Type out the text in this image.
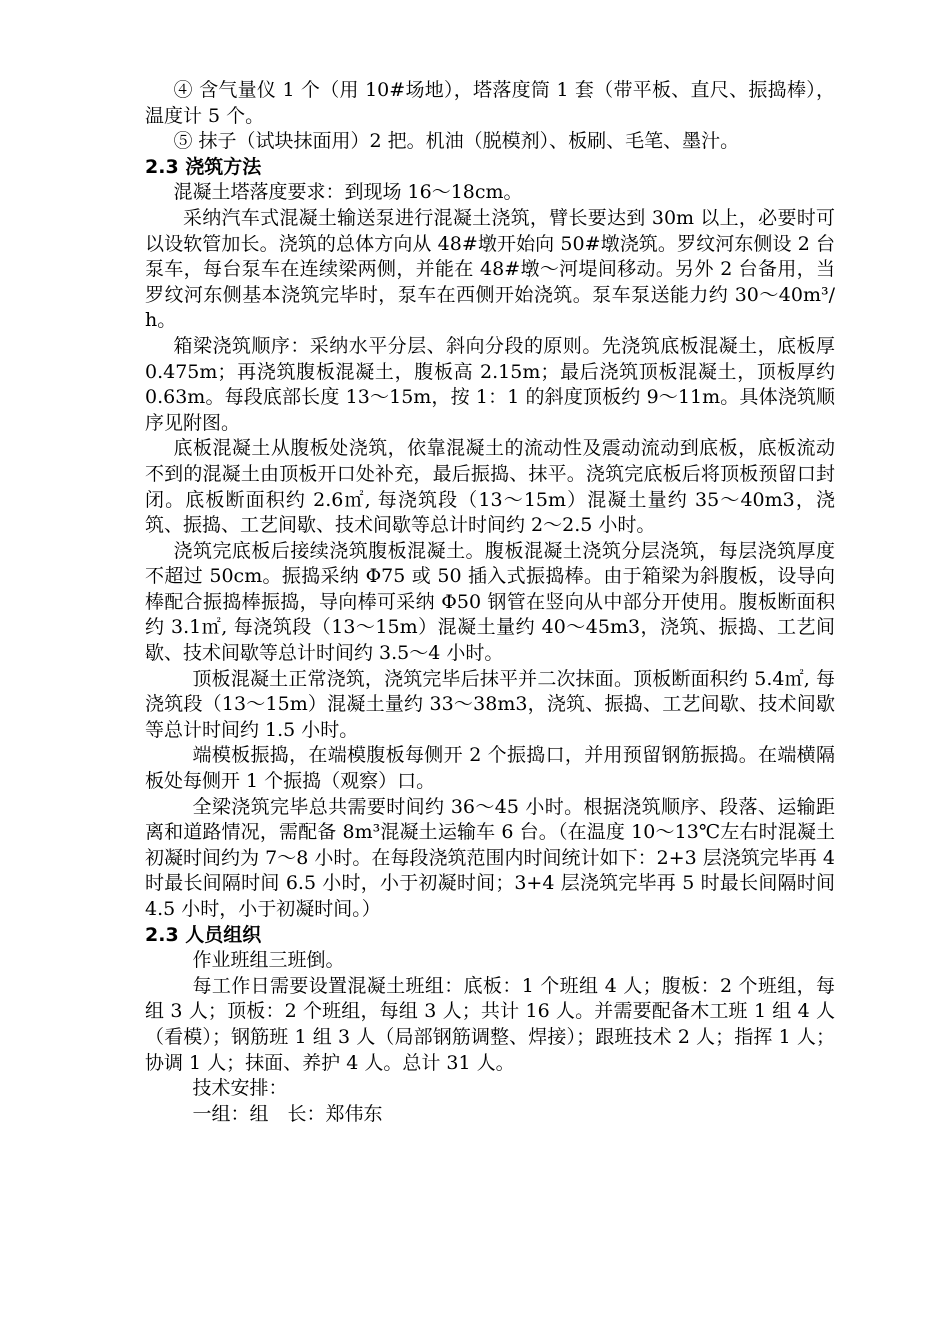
④ 含气量仪 1 个（用 10#场地），塔落度筒 1 套（带平板、直尺、振捣棒），温度计 5 个。

⑤ 抹子（试块抹面用）2 把。机油（脱模剂）、板刷、毛笔、墨汁。

2.3 浇筑方法

混凝土塔落度要求：到现场 16～18cm。

采纳汽车式混凝土输送泵进行混凝土浇筑，臂长要达到 30m 以上，必要时可以设软管加长。浇筑的总体方向从 48#墩开始向 50#墩浇筑。罗纹河东侧设 2 台泵车，每台泵车在连续梁两侧，并能在 48#墩～河堤间移动。另外 2 台备用，当罗纹河东侧基本浇筑完毕时，泵车在西侧开始浇筑。泵车泵送能力约 30～40m³/h。

箱梁浇筑顺序：采纳水平分层、斜向分段的原则。先浇筑底板混凝土，底板厚 0.475m；再浇筑腹板混凝土，腹板高 2.15m；最后浇筑顶板混凝土，顶板厚约 0.63m。每段底部长度 13～15m，按 1：1 的斜度顶板约 9～11m。具体浇筑顺序见附图。

底板混凝土从腹板处浇筑，依靠混凝土的流动性及震动流动到底板，底板流动不到的混凝土由顶板开口处补充，最后振捣、抹平。浇筑完底板后将顶板预留口封闭。底板断面积约 2.6㎡, 每浇筑段（13～15m）混凝土量约 35～40m3，浇筑、振捣、工艺间歇、技术间歇等总计时间约 2～2.5 小时。

浇筑完底板后接续浇筑腹板混凝土。腹板混凝土浇筑分层浇筑，每层浇筑厚度不超过 50cm。振捣采纳 Φ75 或 50 插入式振捣棒。由于箱梁为斜腹板，设导向棒配合振捣棒振捣，导向棒可采纳 Φ50 钢管在竖向从中部分开使用。腹板断面积约 3.1㎡, 每浇筑段（13～15m）混凝土量约 40～45m3，浇筑、振捣、工艺间歇、技术间歇等总计时间约 3.5～4 小时。

顶板混凝土正常浇筑，浇筑完毕后抹平并二次抹面。顶板断面积约 5.4㎡, 每浇筑段（13～15m）混凝土量约 33～38m3，浇筑、振捣、工艺间歇、技术间歇等总计时间约 1.5 小时。

端模板振捣，在端模腹板每侧开 2 个振捣口，并用预留钢筋振捣。在端横隔板处每侧开 1 个振捣（观察）口。

全梁浇筑完毕总共需要时间约 36～45 小时。根据浇筑顺序、段落、运输距离和道路情况，需配备 8m³混凝土运输车 6 台。（在温度 10～13℃左右时混凝土初凝时间约为 7～8 小时。在每段浇筑范围内时间统计如下：2+3 层浇筑完毕再 4 时最长间隔时间 6.5 小时，小于初凝时间；3+4 层浇筑完毕再 5 时最长间隔时间 4.5 小时，小于初凝时间。）

2.3 人员组织

作业班组三班倒。

每工作日需要设置混凝土班组：底板：1 个班组 4 人；腹板：2 个班组，每组 3 人；顶板：2 个班组，每组 3 人；共计 16 人。并需要配备木工班 1 组 4 人（看模）；钢筋班 1 组 3 人（局部钢筋调整、焊接）；跟班技术 2 人；指挥 1 人；协调 1 人；抹面、养护 4 人。总计 31 人。

技术安排：

一组：组　长：郑伟东
